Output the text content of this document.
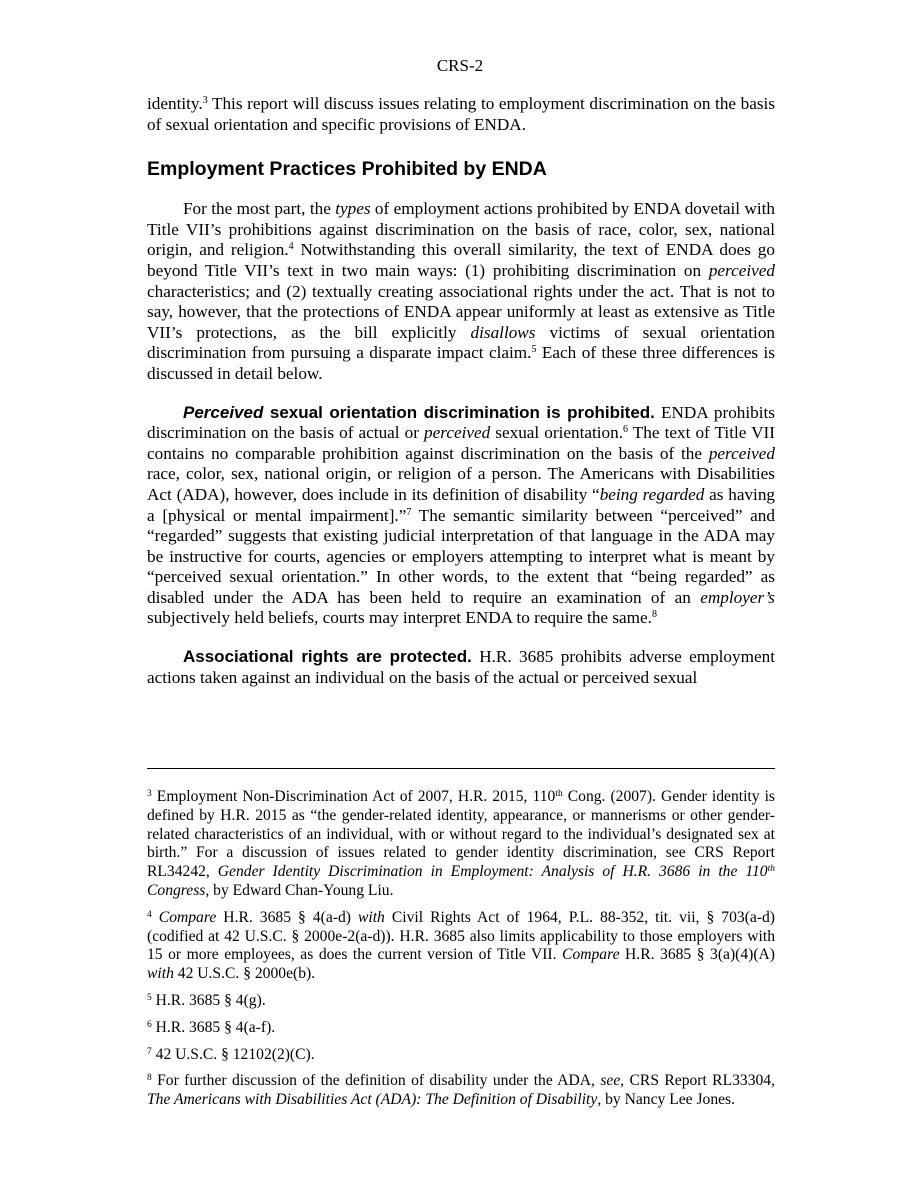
CRS-2

identity.$^3$ This report will discuss issues relating to employment discrimination on the basis of sexual orientation and specific provisions of ENDA.

Employment Practices Prohibited by ENDA

For the most part, the types of employment actions prohibited by ENDA dovetail with Title VII’s prohibitions against discrimination on the basis of race, color, sex, national origin, and religion.$^4$ Notwithstanding this overall similarity, the text of ENDA does go beyond Title VII’s text in two main ways: (1) prohibiting discrimination on perceived characteristics; and (2) textually creating associational rights under the act. That is not to say, however, that the protections of ENDA appear uniformly at least as extensive as Title VII’s protections, as the bill explicitly disallows victims of sexual orientation discrimination from pursuing a disparate impact claim.$^5$ Each of these three differences is discussed in detail below.

Perceived sexual orientation discrimination is prohibited. ENDA prohibits discrimination on the basis of actual or perceived sexual orientation.$^6$ The text of Title VII contains no comparable prohibition against discrimination on the basis of the perceived race, color, sex, national origin, or religion of a person. The Americans with Disabilities Act (ADA), however, does include in its definition of disability “being regarded as having a [physical or mental impairment].”$^7$ The semantic similarity between “perceived” and “regarded” suggests that existing judicial interpretation of that language in the ADA may be instructive for courts, agencies or employers attempting to interpret what is meant by “perceived sexual orientation.” In other words, to the extent that “being regarded” as disabled under the ADA has been held to require an examination of an employer’s subjectively held beliefs, courts may interpret ENDA to require the same.$^8$

Associational rights are protected. H.R. 3685 prohibits adverse employment actions taken against an individual on the basis of the actual or perceived sexual

$^3$ Employment Non-Discrimination Act of 2007, H.R. 2015, 110th Cong. (2007). Gender identity is defined by H.R. 2015 as “the gender-related identity, appearance, or mannerisms or other gender-related characteristics of an individual, with or without regard to the individual’s designated sex at birth.” For a discussion of issues related to gender identity discrimination, see CRS Report RL34242, Gender Identity Discrimination in Employment: Analysis of H.R. 3686 in the 110th Congress, by Edward Chan-Young Liu.

$^4$ Compare H.R. 3685 § 4(a-d) with Civil Rights Act of 1964, P.L. 88-352, tit. vii, § 703(a-d) (codified at 42 U.S.C. § 2000e-2(a-d)). H.R. 3685 also limits applicability to those employers with 15 or more employees, as does the current version of Title VII. Compare H.R. 3685 § 3(a)(4)(A) with 42 U.S.C. § 2000e(b).

$^5$ H.R. 3685 § 4(g).

$^6$ H.R. 3685 § 4(a-f).

$^7$ 42 U.S.C. § 12102(2)(C).

$^8$ For further discussion of the definition of disability under the ADA, see, CRS Report RL33304, The Americans with Disabilities Act (ADA): The Definition of Disability, by Nancy Lee Jones.
